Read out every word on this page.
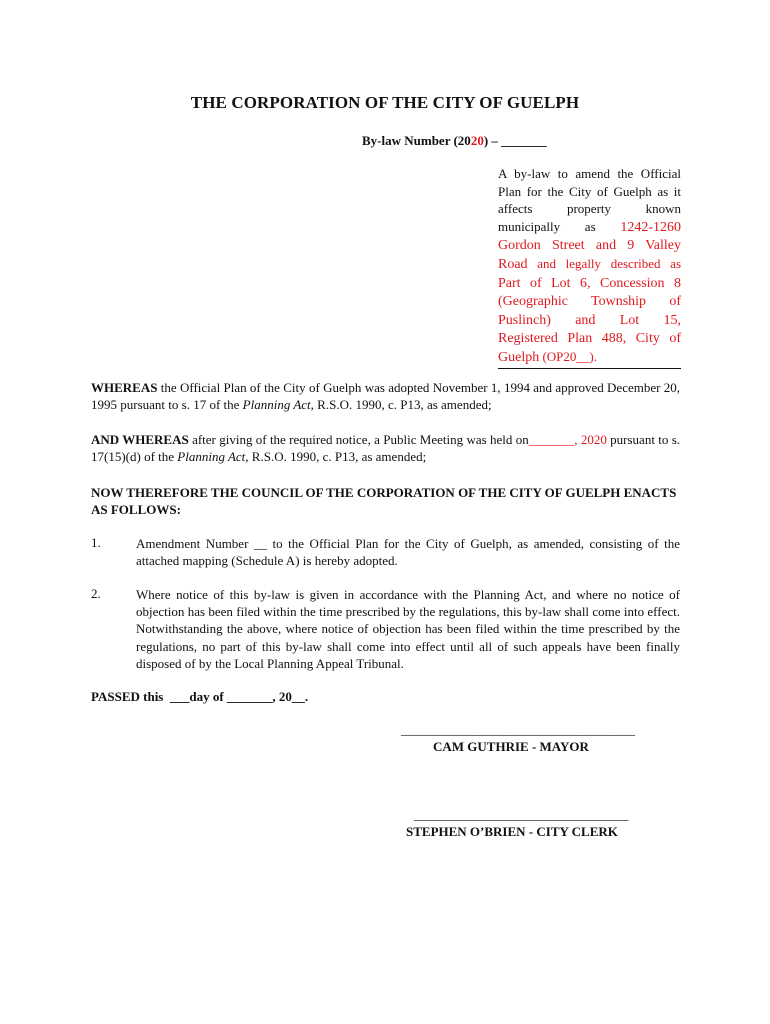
THE CORPORATION OF THE CITY OF GUELPH
By-law Number (2020) – _______
A by-law to amend the Official Plan for the City of Guelph as it affects property known municipally as 1242-1260 Gordon Street and 9 Valley Road and legally described as Part of Lot 6, Concession 8 (Geographic Township of Puslinch) and Lot 15, Registered Plan 488, City of Guelph (OP20__).
WHEREAS the Official Plan of the City of Guelph was adopted November 1, 1994 and approved December 20, 1995 pursuant to s. 17 of the Planning Act, R.S.O. 1990, c. P13, as amended;
AND WHEREAS after giving of the required notice, a Public Meeting was held on_______, 2020 pursuant to s. 17(15)(d) of the Planning Act, R.S.O. 1990, c. P13, as amended;
NOW THEREFORE THE COUNCIL OF THE CORPORATION OF THE CITY OF GUELPH ENACTS AS FOLLOWS:
1.	Amendment Number __ to the Official Plan for the City of Guelph, as amended, consisting of the attached mapping (Schedule A) is hereby adopted.
2.	Where notice of this by-law is given in accordance with the Planning Act, and where no notice of objection has been filed within the time prescribed by the regulations, this by-law shall come into effect. Notwithstanding the above, where notice of objection has been filed within the time prescribed by the regulations, no part of this by-law shall come into effect until all of such appeals have been finally disposed of by the Local Planning Appeal Tribunal.
PASSED this  ___day of _______, 20__.
____________________________________
CAM GUTHRIE - MAYOR
_________________________________
STEPHEN O’BRIEN - CITY CLERK
